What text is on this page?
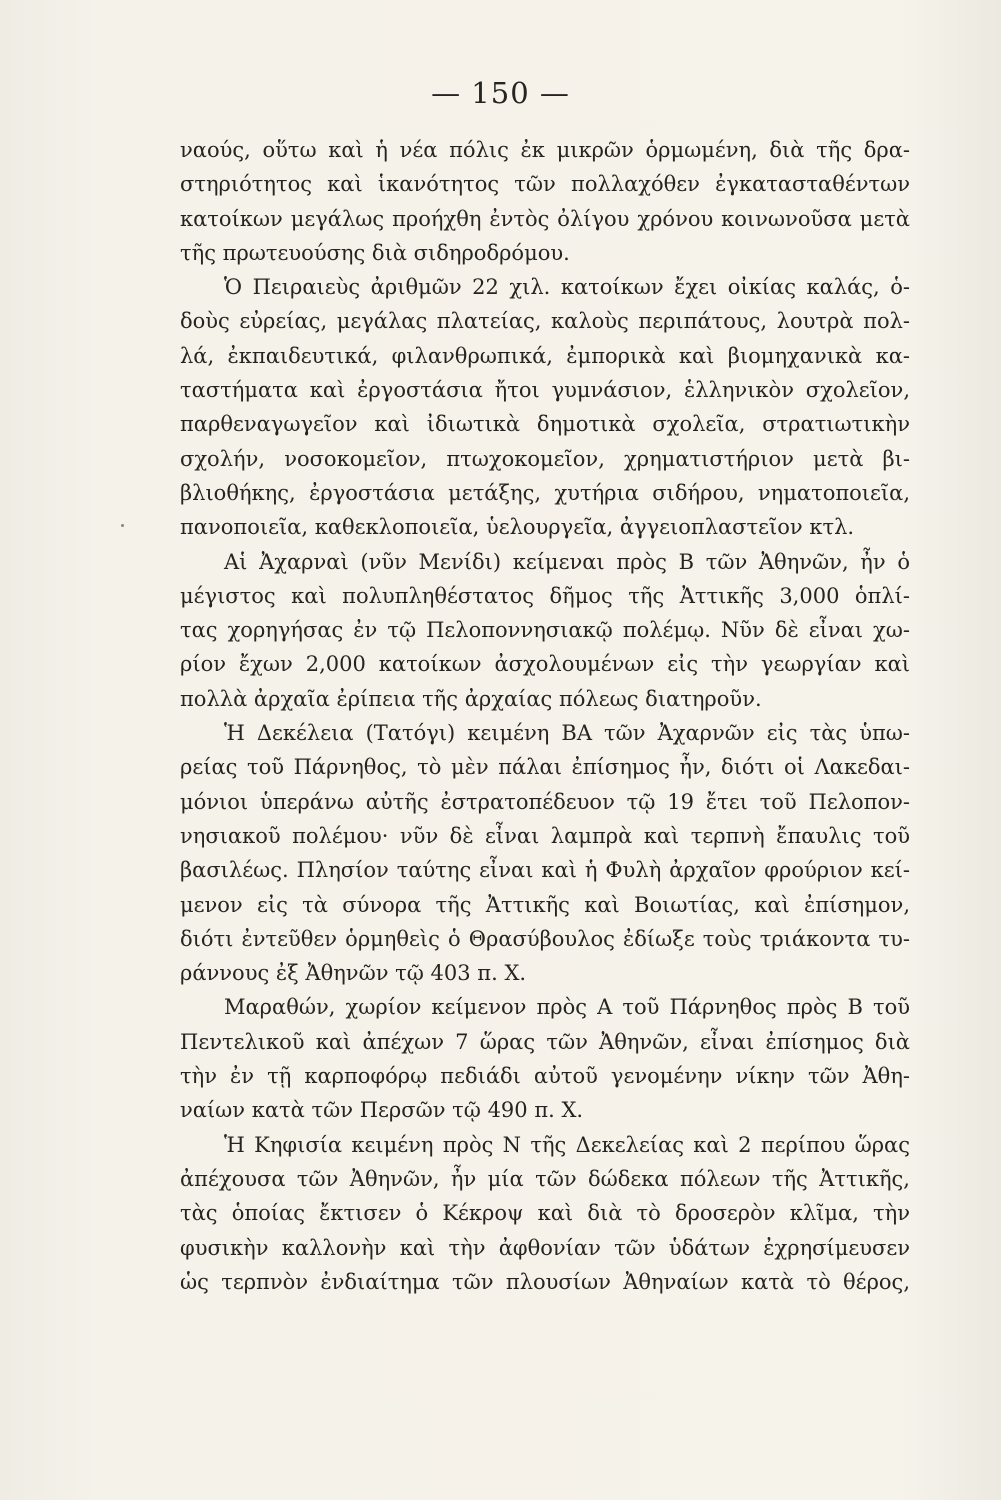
— 150 —
ναούς, οὕτω καὶ ἡ νέα πόλις ἐκ μικρῶν ὁρμωμένη, διὰ τῆς δρα-
στηριότητος καὶ ἱκανότητος τῶν πολλαχόθεν ἐγκατασταθέντων
κατοίκων μεγάλως προήχθη ἐντὸς ὀλίγου χρόνου κοινωνοῦσα μετὰ
τῆς πρωτευούσης διὰ σιδηροδρόμου.
Ὁ Πειραιεὺς ἀριθμῶν 22 χιλ. κατοίκων ἔχει οἰκίας καλάς, ὁ-
δοὺς εὐρείας, μεγάλας πλατείας, καλοὺς περιπάτους, λουτρὰ πολ-
λά, ἐκπαιδευτικά, φιλανθρωπικά, ἐμπορικὰ καὶ βιομηχανικὰ κα-
ταστήματα καὶ ἐργοστάσια ἤτοι γυμνάσιον, ἑλληνικὸν σχολεῖον,
παρθεναγωγεῖον καὶ ἰδιωτικὰ δημοτικὰ σχολεῖα, στρατιωτικὴν
σχολήν, νοσοκομεῖον, πτωχοκομεῖον, χρηματιστήριον μετὰ βι-
βλιοθήκης, ἐργοστάσια μετάξης, χυτήρια σιδήρου, νηματοποιεῖα,
πανοποιεῖα, καθεκλοποιεῖα, ὑελουργεῖα, ἀγγειοπλαστεῖον κτλ.
Αἱ Ἀχαρναὶ (νῦν Μενίδι) κείμεναι πρὸς Β τῶν Ἀθηνῶν, ἦν ὁ
μέγιστος καὶ πολυπληθέστατος δῆμος τῆς Ἀττικῆς 3,000 ὁπλί-
τας χορηγήσας ἐν τῷ Πελοποννησιακῷ πολέμῳ. Νῦν δὲ εἶναι χω-
ρίον ἔχων 2,000 κατοίκων ἀσχολουμένων εἰς τὴν γεωργίαν καὶ
πολλὰ ἀρχαῖα ἐρίπεια τῆς ἀρχαίας πόλεως διατηροῦν.
Ἡ Δεκέλεια (Τατόγι) κειμένη ΒΑ τῶν Ἀχαρνῶν εἰς τὰς ὑπω-
ρείας τοῦ Πάρνηθος, τὸ μὲν πάλαι ἐπίσημος ἦν, διότι οἱ Λακεδαι-
μόνιοι ὑπεράνω αὐτῆς ἐστρατοπέδευον τῷ 19 ἔτει τοῦ Πελοπον-
νησιακοῦ πολέμου· νῦν δὲ εἶναι λαμπρὰ καὶ τερπνὴ ἔπαυλις τοῦ
βασιλέως. Πλησίον ταύτης εἶναι καὶ ἡ Φυλὴ ἀρχαῖον φρούριον κεί-
μενον εἰς τὰ σύνορα τῆς Ἀττικῆς καὶ Βοιωτίας, καὶ ἐπίσημον,
διότι ἐντεῦθεν ὁρμηθεὶς ὁ Θρασύβουλος ἐδίωξε τοὺς τριάκοντα τυ-
ράννους ἐξ Ἀθηνῶν τῷ 403 π. Χ.
Μαραθών, χωρίον κείμενον πρὸς Α τοῦ Πάρνηθος πρὸς Β τοῦ
Πεντελικοῦ καὶ ἀπέχων 7 ὥρας τῶν Ἀθηνῶν, εἶναι ἐπίσημος διὰ
τὴν ἐν τῇ καρποφόρῳ πεδιάδι αὐτοῦ γενομένην νίκην τῶν Ἀθη-
ναίων κατὰ τῶν Περσῶν τῷ 490 π. Χ.
Ἡ Κηφισία κειμένη πρὸς Ν τῆς Δεκελείας καὶ 2 περίπου ὥρας
ἀπέχουσα τῶν Ἀθηνῶν, ἦν μία τῶν δώδεκα πόλεων τῆς Ἀττικῆς,
τὰς ὁποίας ἔκτισεν ὁ Κέκροψ καὶ διὰ τὸ δροσερὸν κλῖμα, τὴν
φυσικὴν καλλονὴν καὶ τὴν ἀφθονίαν τῶν ὑδάτων ἐχρησίμευσεν
ὡς τερπνὸν ἐνδιαίτημα τῶν πλουσίων Ἀθηναίων κατὰ τὸ θέρος,
